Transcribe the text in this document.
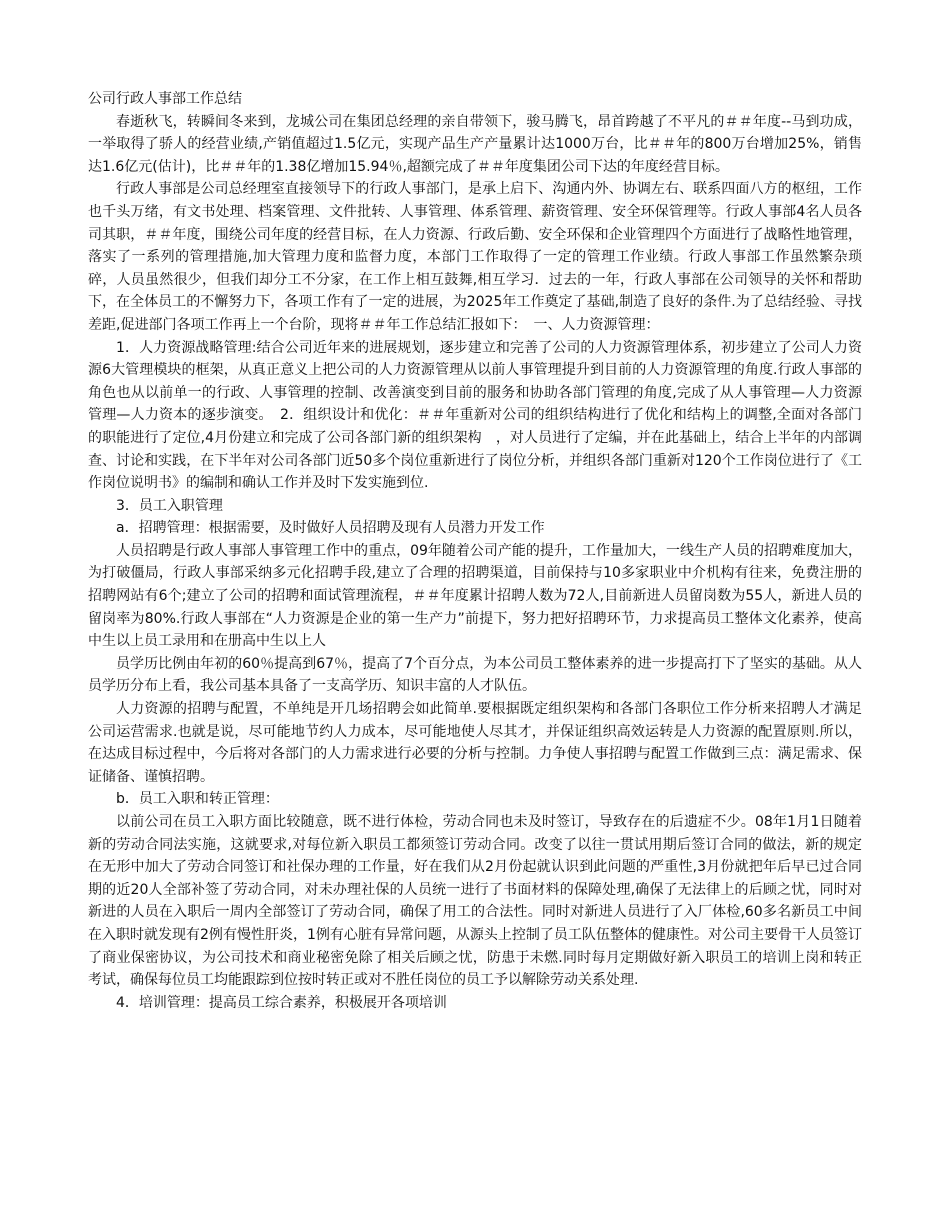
公司行政人事部工作总结
春逝秋飞，转瞬间冬来到，龙城公司在集团总经理的亲自带领下，骏马腾飞，昂首跨越了不平凡的＃＃年度--马到功成，一举取得了骄人的经营业绩,产销值超过1.5亿元，实现产品生产产量累计达1000万台，比＃＃年的800万台增加25%，销售达1.6亿元(估计)，比＃＃年的1.38亿增加15.94％,超额完成了＃＃年度集团公司下达的年度经营目标。
行政人事部是公司总经理室直接领导下的行政人事部门，是承上启下、沟通内外、协调左右、联系四面八方的枢纽，工作也千头万绪，有文书处理、档案管理、文件批转、人事管理、体系管理、薪资管理、安全环保管理等。行政人事部4名人员各司其职，＃＃年度，围绕公司年度的经营目标，在人力资源、行政后勤、安全环保和企业管理四个方面进行了战略性地管理，落实了一系列的管理措施,加大管理力度和监督力度，本部门工作取得了一定的管理工作业绩。行政人事部工作虽然繁杂琐碎，人员虽然很少，但我们却分工不分家，在工作上相互鼓舞,相互学习．过去的一年，行政人事部在公司领导的关怀和帮助下，在全体员工的不懈努力下，各项工作有了一定的进展，为2025年工作奠定了基础,制造了良好的条件.为了总结经验、寻找差距,促进部门各项工作再上一个台阶，现将＃＃年工作总结汇报如下：　一、人力资源管理：
1．人力资源战略管理:结合公司近年来的进展规划，逐步建立和完善了公司的人力资源管理体系，初步建立了公司人力资源6大管理模块的框架，从真正意义上把公司的人力资源管理从以前人事管理提升到目前的人力资源管理的角度.行政人事部的角色也从以前单一的行政、人事管理的控制、改善演变到目前的服务和协助各部门管理的角度,完成了从人事管理—人力资源管理—人力资本的逐步演变。　2．组织设计和优化：＃＃年重新对公司的组织结构进行了优化和结构上的调整,全面对各部门的职能进行了定位,4月份建立和完成了公司各部门新的组织架构　，对人员进行了定编，并在此基础上，结合上半年的内部调查、讨论和实践，在下半年对公司各部门近50多个岗位重新进行了岗位分析，并组织各部门重新对120个工作岗位进行了《工作岗位说明书》的编制和确认工作并及时下发实施到位.
3．员工入职管理
a．招聘管理：根据需要，及时做好人员招聘及现有人员潜力开发工作
人员招聘是行政人事部人事管理工作中的重点，09年随着公司产能的提升，工作量加大，一线生产人员的招聘难度加大，为打破僵局，行政人事部采纳多元化招聘手段,建立了合理的招聘渠道，目前保持与10多家职业中介机构有往来，免费注册的招聘网站有6个;建立了公司的招聘和面试管理流程，＃＃年度累计招聘人数为72人,目前新进人员留岗数为55人，新进人员的留岗率为80%.行政人事部在“人力资源是企业的第一生产力”前提下，努力把好招聘环节，力求提高员工整体文化素养，使高中生以上员工录用和在册高中生以上人
员学历比例由年初的60％提高到67％，提高了7个百分点，为本公司员工整体素养的进一步提高打下了坚实的基础。从人员学历分布上看，我公司基本具备了一支高学历、知识丰富的人才队伍。
人力资源的招聘与配置，不单纯是开几场招聘会如此简单.要根据既定组织架构和各部门各职位工作分析来招聘人才满足公司运营需求.也就是说，尽可能地节约人力成本，尽可能地使人尽其才，并保证组织高效运转是人力资源的配置原则.所以，在达成目标过程中，今后将对各部门的人力需求进行必要的分析与控制。力争使人事招聘与配置工作做到三点：满足需求、保证储备、谨慎招聘。
b．员工入职和转正管理：
以前公司在员工入职方面比较随意，既不进行体检，劳动合同也未及时签订，导致存在的后遗症不少。08年1月1日随着新的劳动合同法实施，这就要求,对每位新入职员工都须签订劳动合同。改变了以往一贯试用期后签订合同的做法，新的规定在无形中加大了劳动合同签订和社保办理的工作量，好在我们从2月份起就认识到此问题的严重性,3月份就把年后早已过合同期的近20人全部补签了劳动合同，对未办理社保的人员统一进行了书面材料的保障处理,确保了无法律上的后顾之忧，同时对新进的人员在入职后一周内全部签订了劳动合同，确保了用工的合法性。同时对新进人员进行了入厂体检,60多名新员工中间在入职时就发现有2例有慢性肝炎，1例有心脏有异常问题，从源头上控制了员工队伍整体的健康性。对公司主要骨干人员签订了商业保密协议，为公司技术和商业秘密免除了相关后顾之忧，防患于未燃.同时每月定期做好新入职员工的培训上岗和转正考试，确保每位员工均能跟踪到位按时转正或对不胜任岗位的员工予以解除劳动关系处理.
4．培训管理：提高员工综合素养，积极展开各项培训
